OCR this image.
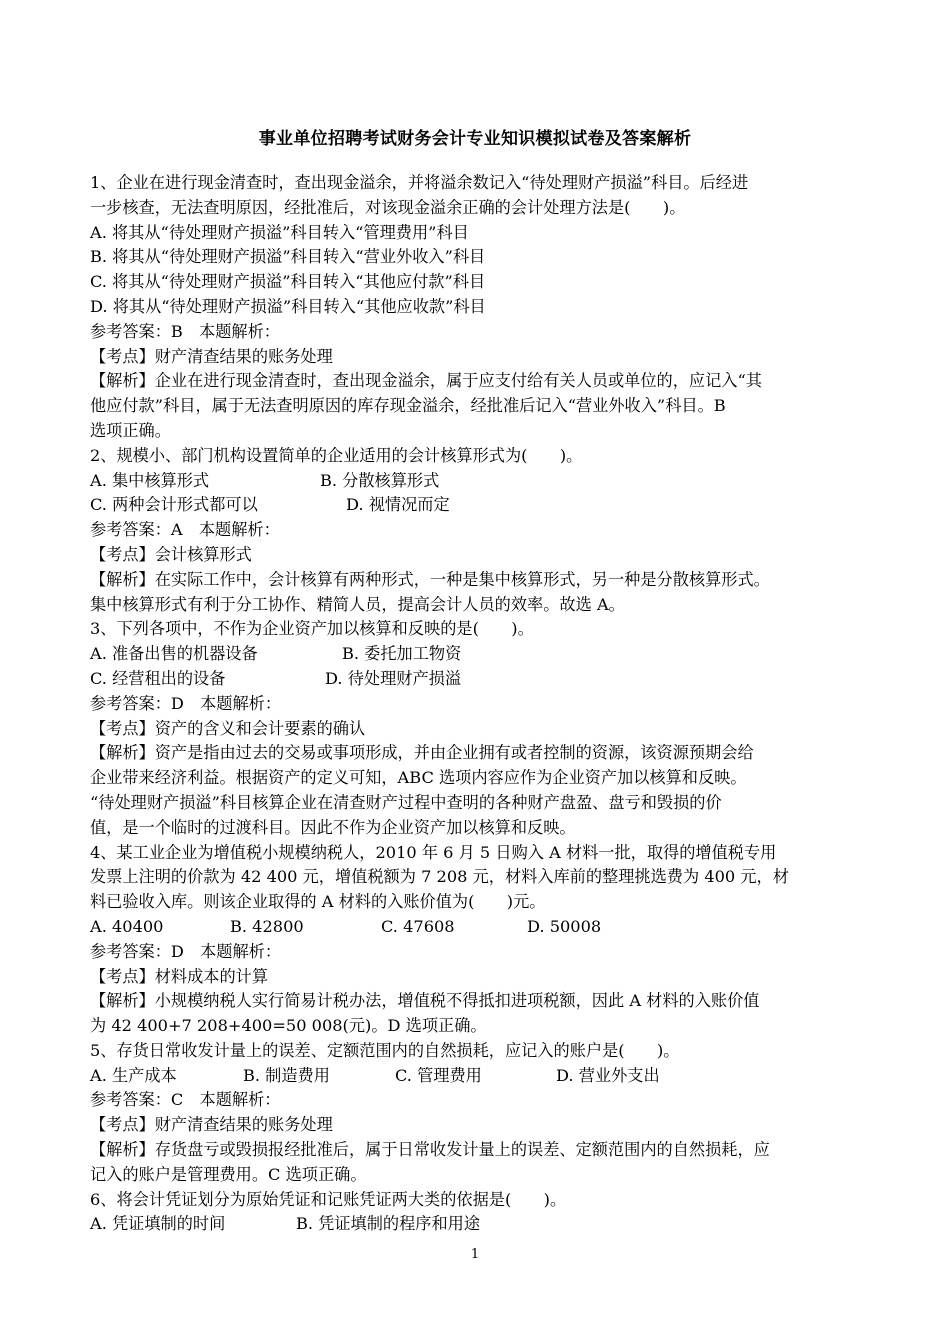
事业单位招聘考试财务会计专业知识模拟试卷及答案解析
1、企业在进行现金清查时，查出现金溢余，并将溢余数记入“待处理财产损溢”科目。后经进
一步核查，无法查明原因，经批准后，对该现金溢余正确的会计处理方法是(　　)。
A. 将其从“待处理财产损溢”科目转入“管理费用”科目
B. 将其从“待处理财产损溢”科目转入“营业外收入”科目
C. 将其从“待处理财产损溢”科目转入“其他应付款”科目
D. 将其从“待处理财产损溢”科目转入“其他应收款”科目
参考答案：B　本题解析：
【考点】财产清查结果的账务处理
【解析】企业在进行现金清查时，查出现金溢余，属于应支付给有关人员或单位的，应记入“其
他应付款”科目，属于无法查明原因的库存现金溢余，经批准后记入“营业外收入”科目。B
选项正确。
2、规模小、部门机构设置简单的企业适用的会计核算形式为(　　)。
A. 集中核算形式	B. 分散核算形式
C. 两种会计形式都可以	D. 视情况而定
参考答案：A　本题解析：
【考点】会计核算形式
【解析】在实际工作中，会计核算有两种形式，一种是集中核算形式，另一种是分散核算形式。
集中核算形式有利于分工协作、精简人员，提高会计人员的效率。故选 A。
3、下列各项中，不作为企业资产加以核算和反映的是(　　)。
A. 准备出售的机器设备	B. 委托加工物资
C. 经营租出的设备	D. 待处理财产损溢
参考答案：D　本题解析：
【考点】资产的含义和会计要素的确认
【解析】资产是指由过去的交易或事项形成，并由企业拥有或者控制的资源，该资源预期会给
企业带来经济利益。根据资产的定义可知，ABC 选项内容应作为企业资产加以核算和反映。
“待处理财产损溢”科目核算企业在清查财产过程中查明的各种财产盘盈、盘亏和毁损的价
值，是一个临时的过渡科目。因此不作为企业资产加以核算和反映。
4、某工业企业为增值税小规模纳税人，2010 年 6 月 5 日购入 A 材料一批，取得的增值税专用
发票上注明的价款为 42 400 元，增值税额为 7 208 元，材料入库前的整理挑选费为 400 元，材
料已验收入库。则该企业取得的 A 材料的入账价值为(　　)元。
A. 40400	B. 42800	C. 47608	D. 50008
参考答案：D　本题解析：
【考点】材料成本的计算
【解析】小规模纳税人实行简易计税办法，增值税不得抵扣进项税额，因此 A 材料的入账价值
为 42 400+7 208+400=50 008(元)。D 选项正确。
5、存货日常收发计量上的误差、定额范围内的自然损耗，应记入的账户是(　　)。
A. 生产成本	B. 制造费用	C. 管理费用	D. 营业外支出
参考答案：C　本题解析：
【考点】财产清查结果的账务处理
【解析】存货盘亏或毁损报经批准后，属于日常收发计量上的误差、定额范围内的自然损耗，应
记入的账户是管理费用。C 选项正确。
6、将会计凭证划分为原始凭证和记账凭证两大类的依据是(　　)。
A. 凭证填制的时间	B. 凭证填制的程序和用途
1
